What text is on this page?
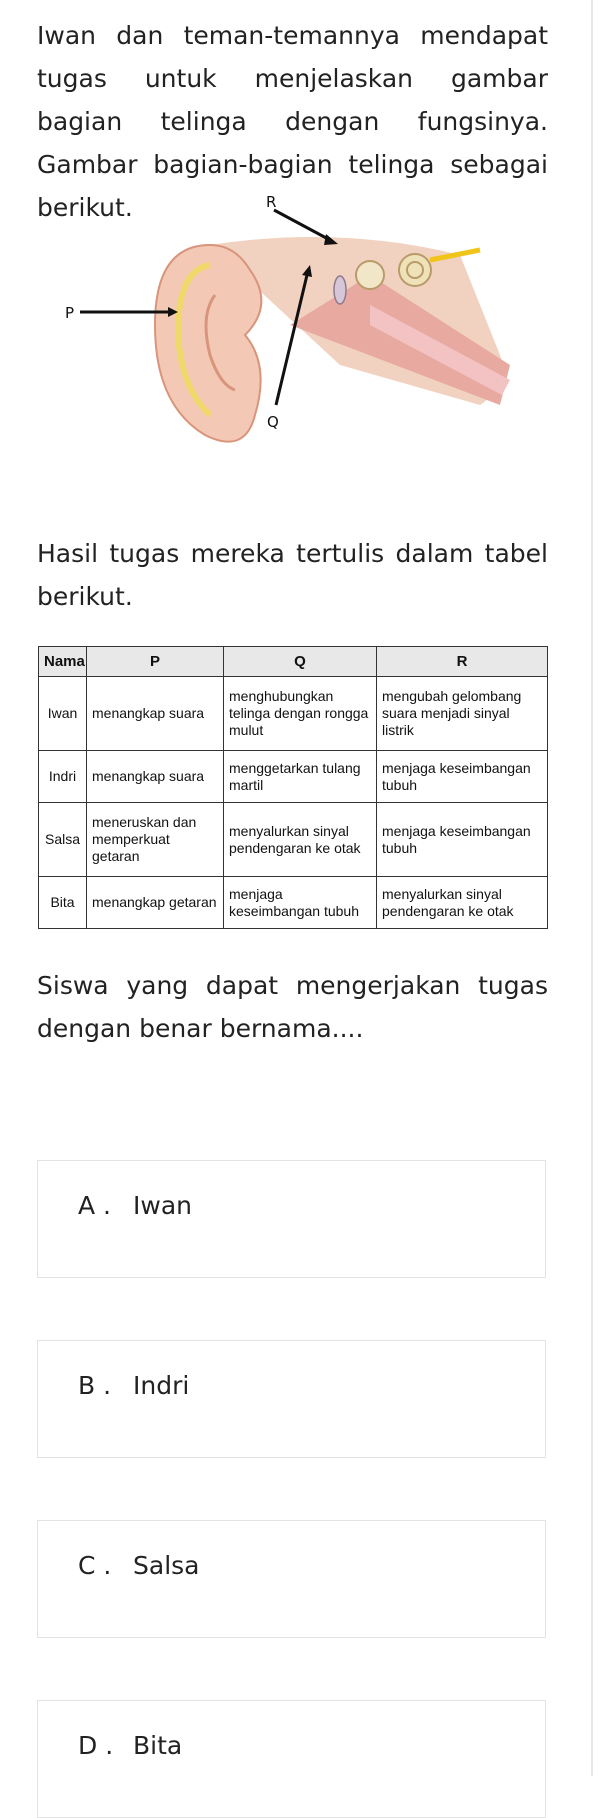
Iwan dan teman-temannya mendapat tugas untuk menjelaskan gambar bagian telinga dengan fungsinya. Gambar bagian-bagian telinga sebagai berikut.
P
Q
R
Hasil tugas mereka tertulis dalam tabel berikut.
Nama	P	Q	R
Iwan	menangkap suara	menghubungkan telinga dengan rongga mulut	mengubah gelombang suara menjadi sinyal listrik
Indri	menangkap suara	menggetarkan tulang martil	menjaga keseimbangan tubuh
Salsa	meneruskan dan memperkuat getaran	menyalurkan sinyal pendengaran ke otak	menjaga keseimbangan tubuh
Bita	menangkap getaran	menjaga keseimbangan tubuh	menyalurkan sinyal pendengaran ke otak
Siswa yang dapat mengerjakan tugas dengan benar bernama....
A . Iwan
B . Indri
C . Salsa
D . Bita
